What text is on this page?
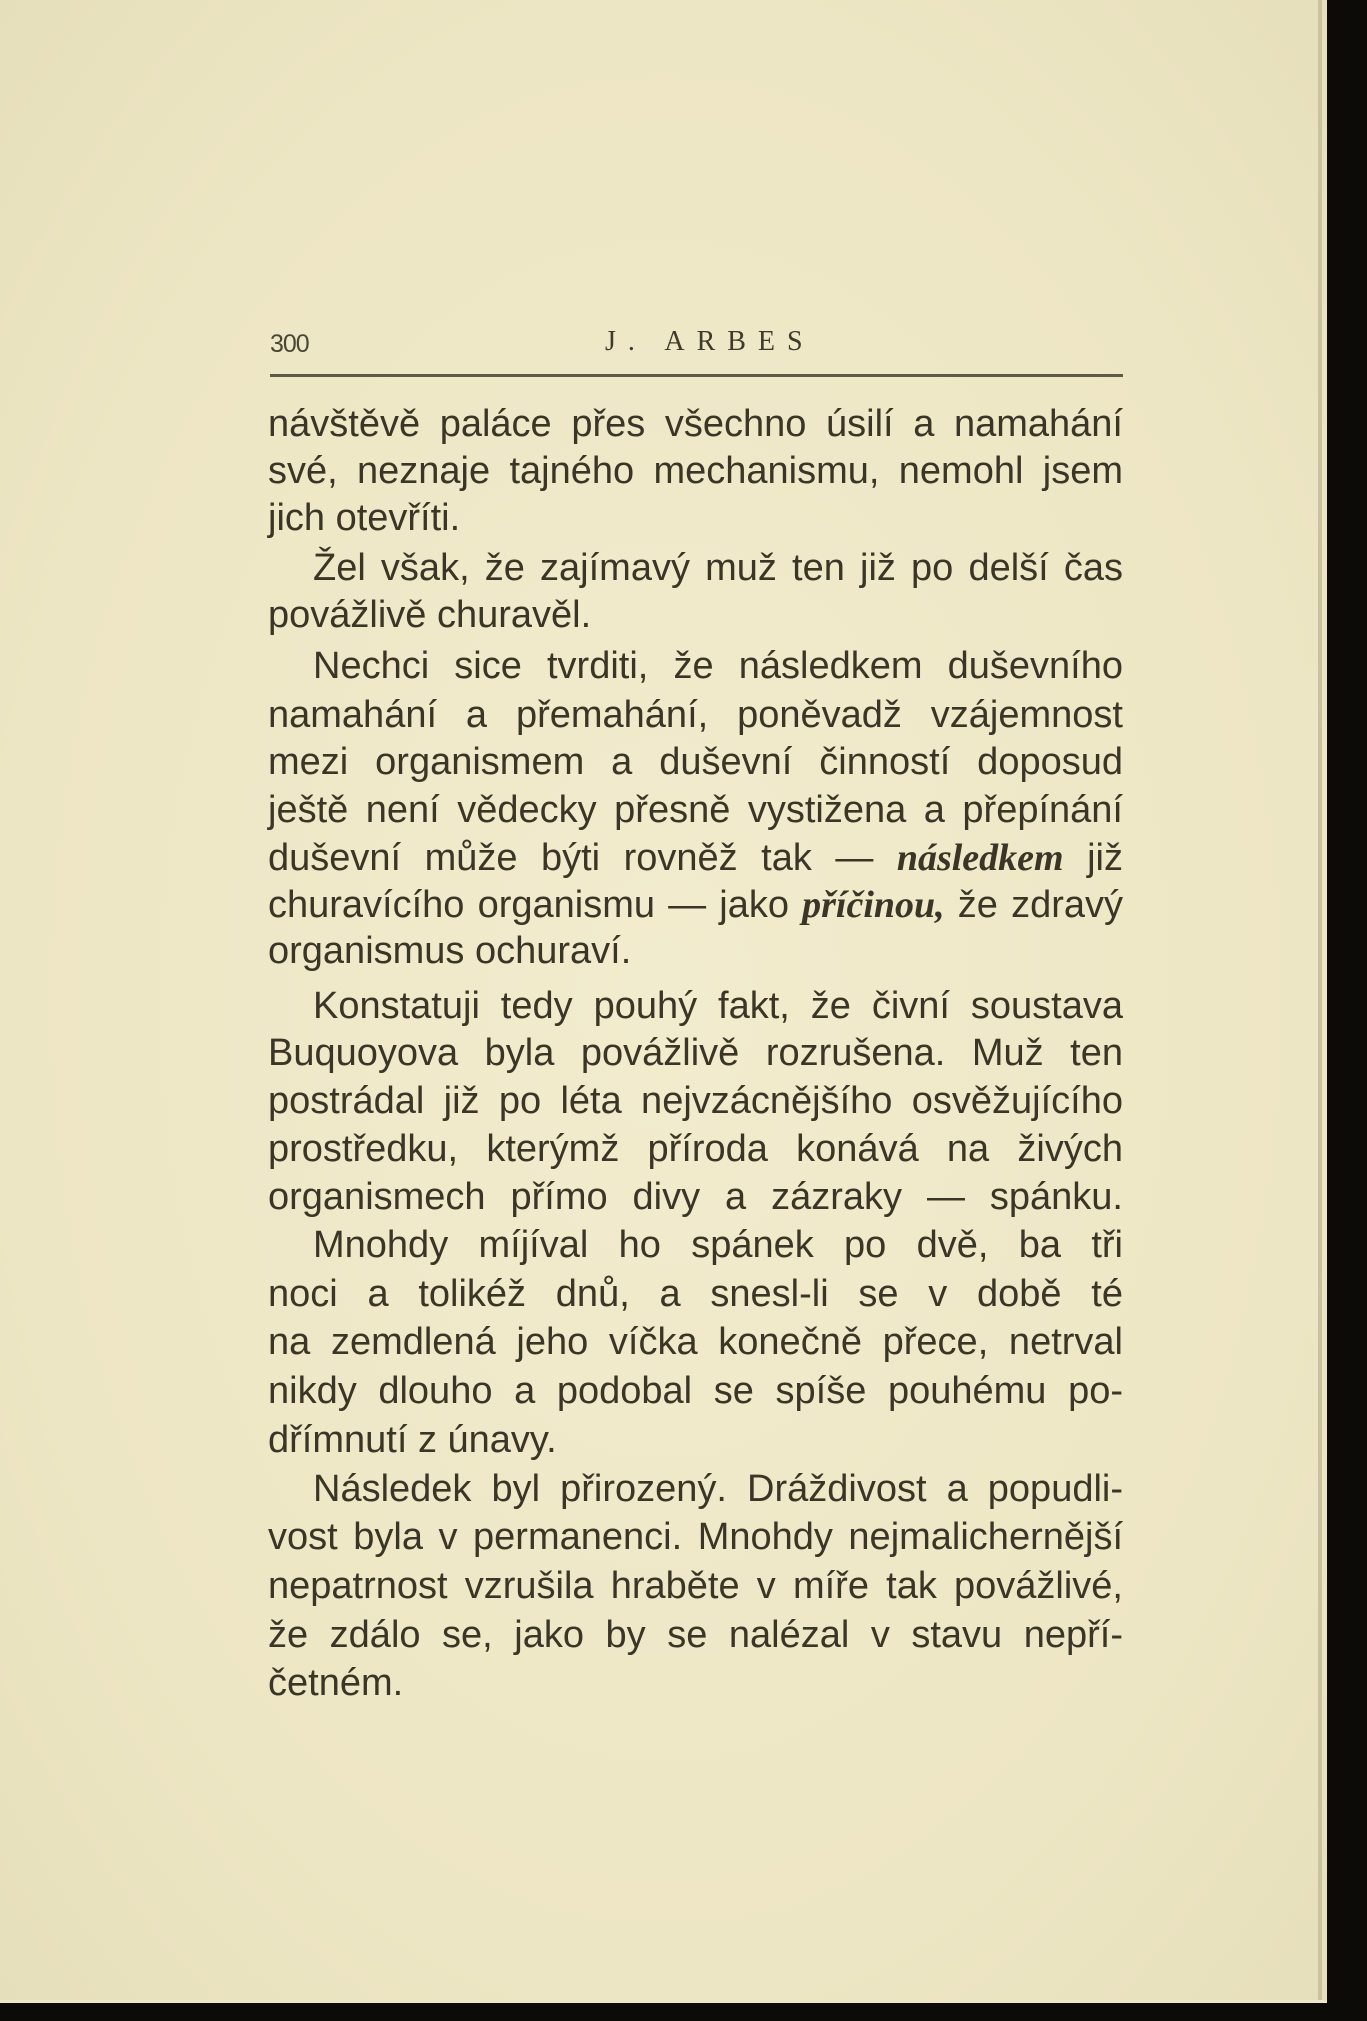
300	J. ARBES
návštěvě paláce přes všechno úsilí a namahání
své, neznaje tajného mechanismu, nemohl jsem
jich otevříti.
Žel však, že zajímavý muž ten již po delší čas
povážlivě churavěl.
Nechci sice tvrditi, že následkem duševního
namahání a přemahání, poněvadž vzájemnost
mezi organismem a duševní činností doposud
ještě není vědecky přesně vystižena a přepínání
duševní může býti rovněž tak — následkem již
churavícího organismu — jako příčinou, že zdravý
organismus ochuraví.
Konstatuji tedy pouhý fakt, že čivní soustava
Buquoyova byla povážlivě rozrušena. Muž ten
postrádal již po léta nejvzácnějšího osvěžujícího
prostředku, kterýmž příroda konává na živých
organismech přímo divy a zázraky — spánku.
Mnohdy míjíval ho spánek po dvě, ba tři
noci a tolikéž dnů, a snesl-li se v době té
na zemdlená jeho víčka konečně přece, netrval
nikdy dlouho a podobal se spíše pouhému po-
dřímnutí z únavy.
Následek byl přirozený. Dráždivost a popudli-
vost byla v permanenci. Mnohdy nejmalichernější
nepatrnost vzrušila hraběte v míře tak povážlivé,
že zdálo se, jako by se nalézal v stavu nepří-
četném.
